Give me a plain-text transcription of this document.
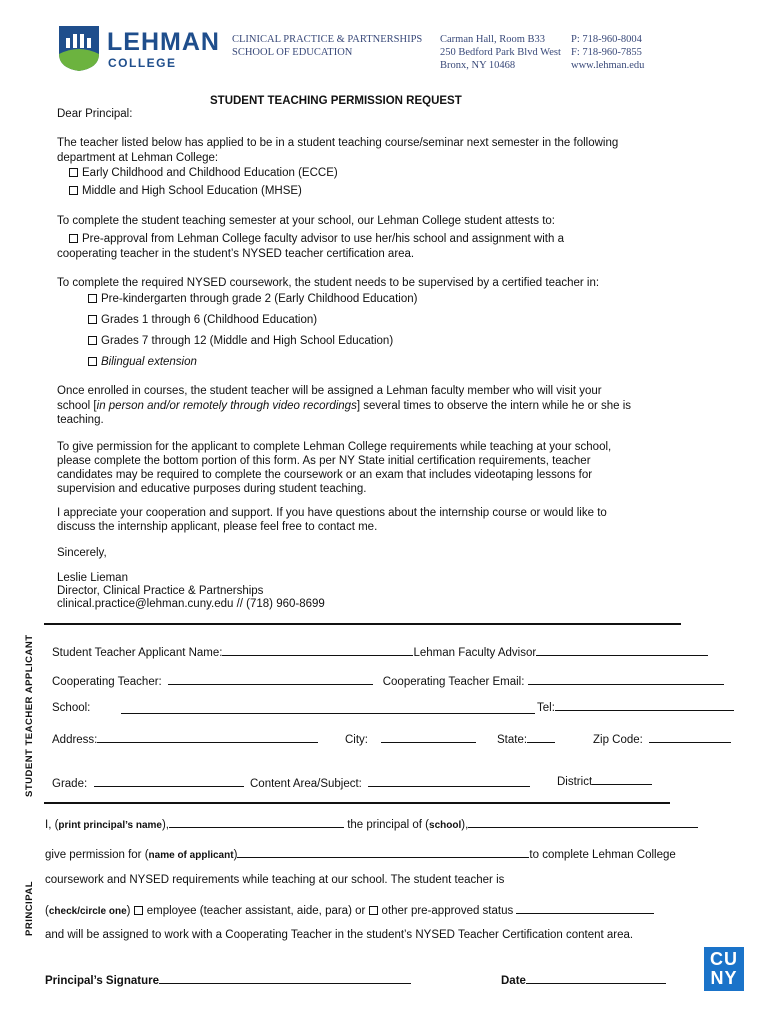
LEHMAN
COLLEGE
CLINICAL PRACTICE & PARTNERSHIPS
SCHOOL OF EDUCATION
Carman Hall, Room B33
250 Bedford Park Blvd West
Bronx, NY 10468
P: 718-960-8004
F: 718-960-7855
www.lehman.edu
STUDENT TEACHING PERMISSION REQUEST
Dear Principal:
The teacher listed below has applied to be in a student teaching course/seminar next semester in the following
department at Lehman College:
Early Childhood and Childhood Education (ECCE)
Middle and High School Education (MHSE)
To complete the student teaching semester at your school, our Lehman College student attests to:
Pre-approval from Lehman College faculty advisor to use her/his school and assignment with a
cooperating teacher in the student’s NYSED teacher certification area.
To complete the required NYSED coursework, the student needs to be supervised by a certified teacher in:
Pre-kindergarten through grade 2 (Early Childhood Education)
Grades 1 through 6 (Childhood Education)
Grades 7 through 12 (Middle and High School Education)
Bilingual extension
Once enrolled in courses, the student teacher will be assigned a Lehman faculty member who will visit your
school [in person and/or remotely through video recordings] several times to observe the intern while he or she is
teaching.
To give permission for the applicant to complete Lehman College requirements while teaching at your school,
please complete the bottom portion of this form. As per NY State initial certification requirements, teacher
candidates may be required to complete the coursework or an exam that includes videotaping lessons for
supervision and educative purposes during student teaching.
I appreciate your cooperation and support. If you have questions about the internship course or would like to
discuss the internship applicant, please feel free to contact me.
Sincerely,
Leslie Lieman
Director, Clinical Practice & Partnerships
clinical.practice@lehman.cuny.edu // (718) 960-8699
STUDENT TEACHER APPLICANT Student Teacher Applicant Name:	Lehman Faculty Advisor
Cooperating Teacher:	Cooperating Teacher Email:
School:	Tel:
Address:	City:	State:	Zip Code:
Grade:	Content Area/Subject:	District
PRINCIPAL
I, (print principal’s name),	the principal of (school),
give permission for (name of applicant)	to complete Lehman College
coursework and NYSED requirements while teaching at our school. The student teacher is
(check/circle one) employee (teacher assistant, aide, para) or other pre-approved status
and will be assigned to work with a Cooperating Teacher in the student’s NYSED Teacher Certification content area.
Principal’s Signature	Date
CU
NY
